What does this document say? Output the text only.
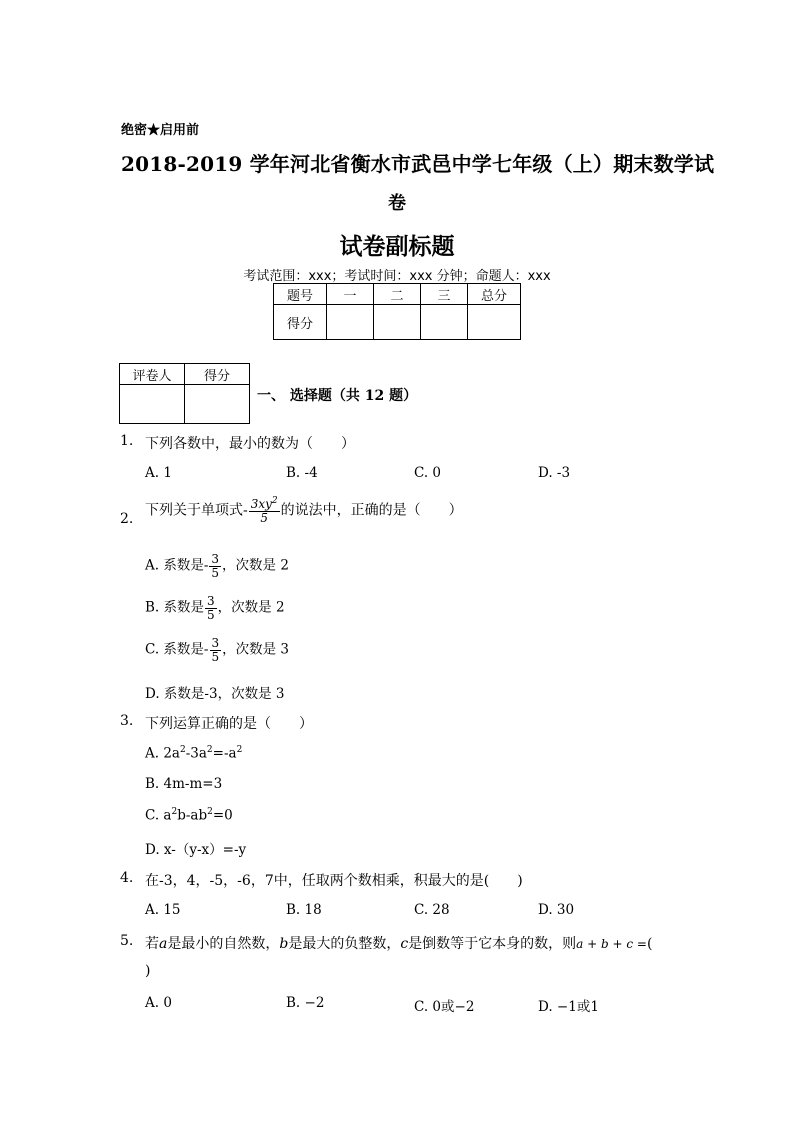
绝密★启用前
2018-2019 学年河北省衡水市武邑中学七年级（上）期末数学试
卷
试卷副标题
考试范围：xxx；考试时间：xxx 分钟；命题人：xxx
题号	一	二	三	总分
得分				
评卷人	得分

一、 选择题（共 12 题）
1. 下列各数中，最小的数为（　　）
A. 1	B. -4	C. 0	D. -3
2.
下列关于单项式- $\frac{3xy^2}{5}$ 的说法中，正确的是（　　）
A. 系数是- $\frac{3}{5}$ ，次数是 2
B. 系数是 $\frac{3}{5}$ ，次数是 2
C. 系数是- $\frac{3}{5}$ ，次数是 3
D. 系数是-3，次数是 3
3. 下列运算正确的是（　　）
A. $2a^2-3a^2=-a^2$
B. 4m-m=3
C. $a^2b-ab^2=0$
D. x-（y-x）=-y
4. 在-3，4，-5，-6，7中，任取两个数相乘，积最大的是(　　)
A. 15	B. 18	C. 28	D. 30
5. 若a是最小的自然数，b是最大的负整数，c是倒数等于它本身的数，则a + b + c =(
)
A. 0	B. −2	C. 0或−2	D. −1或1
